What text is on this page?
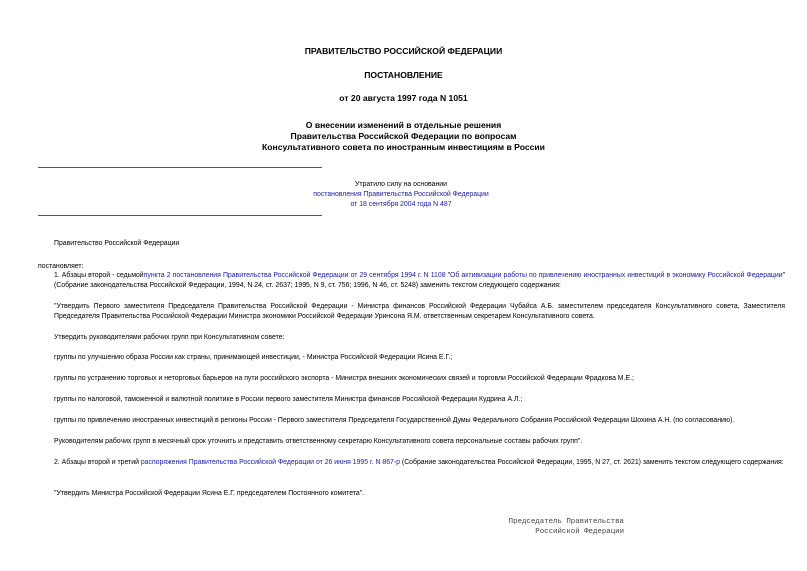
ПРАВИТЕЛЬСТВО РОССИЙСКОЙ ФЕДЕРАЦИИ
ПОСТАНОВЛЕНИЕ
от 20 августа 1997 года N 1051
О внесении изменений в отдельные решения
Правительства Российской Федерации по вопросам
Консультативного совета по иностранным инвестициям в России
Утратило силу на основании
постановления Правительства Российской Федерации
от 18 сентября 2004 года N 487
Правительство Российской Федерации
постановляет:
1. Абзацы второй - седьмойпункта 2 постановления Правительства Российской Федерации от 29 сентября 1994 г. N 1108 "Об активизации работы по привлечению иностранных инвестиций в экономику Российской Федерации" (Собрание законодательства Российской Федерации, 1994, N 24, ст. 2637; 1995, N 9, ст. 756; 1996, N 46, ст. 5248) заменить текстом следующего содержания:
"Утвердить Первого заместителя Председателя Правительства Российской Федерации - Министра финансов Российской Федерации Чубайса А.Б. заместителем председателя Консультативного совета, Заместителя Председателя Правительства Российской Федерации Министра экономики Российской Федерации Уринсона Я.М. ответственным секретарем Консультативного совета.
Утвердить руководителями рабочих групп при Консультативном совете:
группы по улучшению образа России как страны, принимающей инвестиции, - Министра Российской Федерации Ясина Е.Г.;
группы по устранению торговых и неторговых барьеров на пути российского экспорта - Министра внешних экономических связей и торговли Российской Федерации Фрадкова М.Е.;
группы по налоговой, таможенной и валютной политике в России первого заместителя Министра финансов Российской Федерации Кудрина А.Л.;
группы по привлечению иностранных инвестиций в регионы России - Первого заместителя Председателя Государственной Думы Федерального Собрания Российской Федерации Шохина А.Н. (по согласованию).
Руководителям рабочих групп в месячный срок уточнить и представить ответственному секретарю Консультативного совета персональные составы рабочих групп".
2. Абзацы второй и третий распоряжения Правительства Российской Федерации от 26 июня 1995 г. N 867-р (Собрание законодательства Российской Федерации, 1995, N 27, ст. 2621) заменить текстом следующего содержания:
"Утвердить Министра Российской Федерации Ясина Е.Г. председателем Постоянного комитета".
Председатель Правительства
Российской Федерации
